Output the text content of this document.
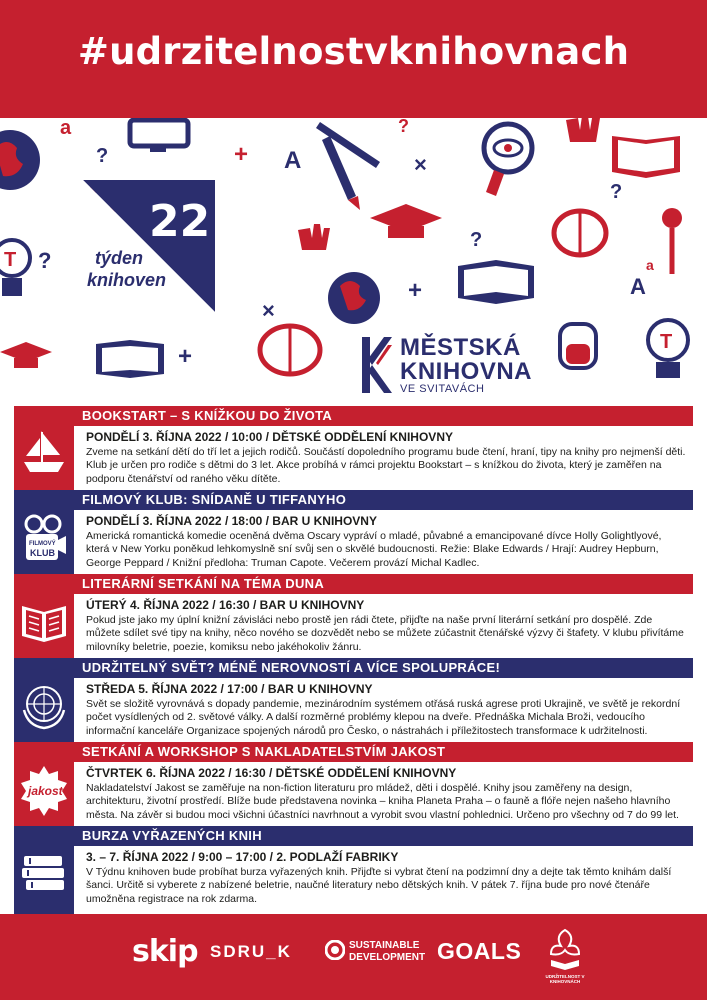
#udrzitelnostvknihovnach
a
?	+ A	×
?
?
×
?
T ?
+	A
a
+
T
22
týden
knihoven
MĚSTSKÁ
KNIHOVNA
VE SVITAVÁCH
BOOKSTART – S KNÍŽKOU DO ŽIVOTA
PONDĚLÍ 3. ŘÍJNA 2022 / 10:00 / DĚTSKÉ ODDĚLENÍ KNIHOVNY
Zveme na setkání dětí do tří let a jejich rodičů. Součástí dopoledního programu bude čtení, hraní, tipy na knihy pro nejmenší děti. Klub je určen pro rodiče s dětmi do 3 let. Akce probíhá v rámci projektu Bookstart – s knížkou do života, který je zaměřen na podporu čtenářství od raného věku dítěte.
FILMOVÝ
KLUB
FILMOVÝ KLUB: SNÍDANĚ U TIFFANYHO
PONDĚLÍ 3. ŘÍJNA 2022 / 18:00 / BAR U KNIHOVNY
Americká romantická komedie oceněná dvěma Oscary vypráví o mladé, půvabné a emancipované dívce Holly Golightlyové, která v New Yorku poněkud lehkomyslně sní svůj sen o skvělé budoucnosti. Režie: Blake Edwards / Hrají: Audrey Hepburn, George Peppard / Knižní předloha: Truman Capote. Večerem provází Michal Kadlec.
LITERÁRNÍ SETKÁNÍ NA TÉMA DUNA
ÚTERÝ 4. ŘÍJNA 2022 / 16:30 / BAR U KNIHOVNY
Pokud jste jako my úplní knižní závisláci nebo prostě jen rádi čtete, přijďte na naše první literární setkání pro dospělé. Zde můžete sdílet své tipy na knihy, něco nového se dozvědět nebo se můžete zúčastnit čtenářské výzvy či štafety. V klubu přivítáme milovníky beletrie, poezie, komiksu nebo jakéhokoliv žánru.
UDRŽITELNÝ SVĚT? MÉNĚ NEROVNOSTÍ A VÍCE SPOLUPRÁCE!
STŘEDA 5. ŘÍJNA 2022 / 17:00 / BAR U KNIHOVNY
Svět se složitě vyrovnává s dopady pandemie, mezinárodním systémem otřásá ruská agrese proti Ukrajině, ve světě je rekordní počet vysídlených od 2. světové války. A další rozměrné problémy klepou na dveře. Přednáška Michala Broži, vedoucího informační kanceláře Organizace spojených národů pro Česko, o nástrahách i příležitostech transformace k udržitelnosti.
jakost
SETKÁNÍ A WORKSHOP S NAKLADATELSTVÍM JAKOST
ČTVRTEK 6. ŘÍJNA 2022 / 16:30 / DĚTSKÉ ODDĚLENÍ KNIHOVNY
Nakladatelství Jakost se zaměřuje na non-fiction literaturu pro mládež, děti i dospělé. Knihy jsou zaměřeny na design, architekturu, životní prostředí. Blíže bude představena novinka – kniha Planeta Praha – o fauně a flóře nejen našeho hlavního města. Na závěr si budou moci všichni účastníci navrhnout a vyrobit svou vlastní pohlednici. Určeno pro všechny od 7 do 99 let.
BURZA VYŘAZENÝCH KNIH
3. – 7. ŘÍJNA 2022 / 9:00 – 17:00 / 2. PODLAŽÍ FABRIKY
V Týdnu knihoven bude probíhat burza vyřazených knih. Přijďte si vybrat čtení na podzimní dny a dejte tak těmto knihám další šanci. Určitě si vyberete z nabízené beletrie, naučné literatury nebo dětských knih. V pátek 7. října bude pro nové čtenáře umožněna registrace na rok zdarma.
skip SDRU_K	SUSTAINABLE
DEVELOPMENT GOALS
UDRŽITELNOST V KNIHOVNÁCH
